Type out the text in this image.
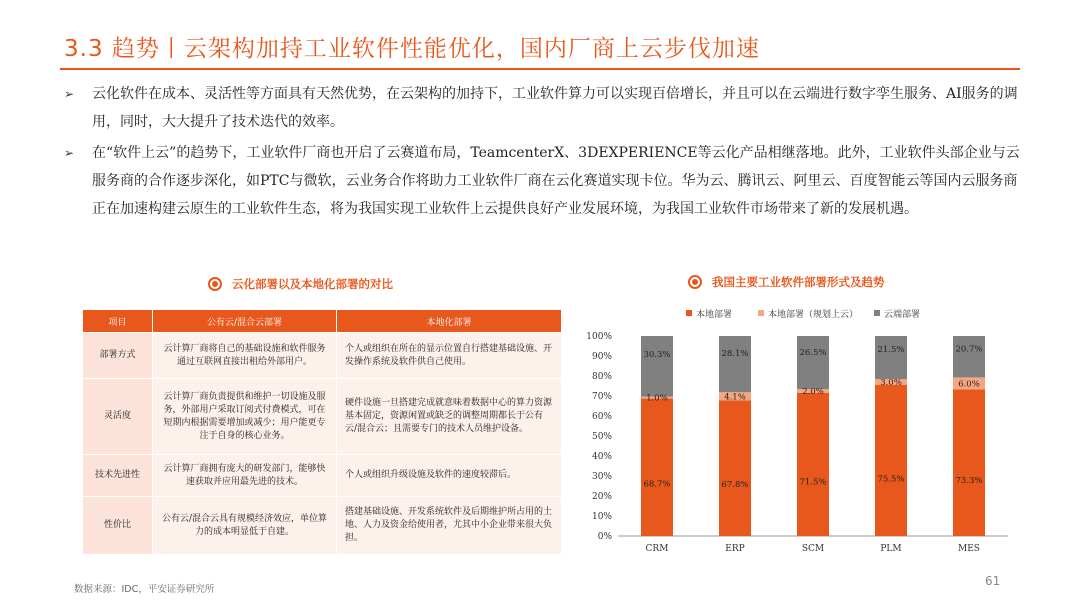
3.3 趋势丨云架构加持工业软件性能优化，国内厂商上云步伐加速
➢ 云化软件在成本、灵活性等方面具有天然优势，在云架构的加持下，工业软件算力可以实现百倍增长，并且可以在云端进行数字孪生服务、AI服务的调用，同时，大大提升了技术迭代的效率。
➢ 在“软件上云”的趋势下，工业软件厂商也开启了云赛道布局，TeamcenterX、3DEXPERIENCE等云化产品相继落地。此外，工业软件头部企业与云服务商的合作逐步深化，如PTC与微软，云业务合作将助力工业软件厂商在云化赛道实现卡位。华为云、腾讯云、阿里云、百度智能云等国内云服务商正在加速构建云原生的工业软件生态，将为我国实现工业软件上云提供良好产业发展环境，为我国工业软件市场带来了新的发展机遇。
云化部署以及本地化部署的对比
项目	公有云/混合云部署	本地化部署
部署方式	云计算厂商将自己的基础设施和软件服务通过互联网直接出租给外部用户。	个人或组织在所在的显示位置自行搭建基础设施、开发操作系统及软件供自己使用。
灵活度	云计算厂商负责提供和维护一切设施及服务，外部用户采取订阅式付费模式，可在短期内根据需要增加或减少；用户能更专注于自身的核心业务。	硬件设施一旦搭建完成就意味着数据中心的算力资源基本固定，资源闲置或缺乏的调整周期都长于公有云/混合云；且需要专门的技术人员维护设备。
技术先进性	云计算厂商拥有庞大的研发部门，能够快速获取并应用最先进的技术。	个人或组织升级设施及软件的速度较滞后。
性价比	公有云/混合云具有规模经济效应，单位算力的成本明显低于自建。	搭建基础设施、开发系统软件及后期维护所占用的土地、人力及资金给使用者，尤其中小企业带来很大负担。
我国主要工业软件部署形式及趋势
本地部署	本地部署（规划上云）	云端部署
0%
10%
20%
30%
40%
50%
60%
70%
80%
90%
100%
68.7%
1.0%
30.3%
CRM
67.8%
4.1%
28.1%
ERP
71.5%
2.0%
26.5%
SCM
75.5%
3.0%
21.5%
PLM
73.3%
6.0%
20.7%
MES
数据来源：IDC，平安证券研究所
61
